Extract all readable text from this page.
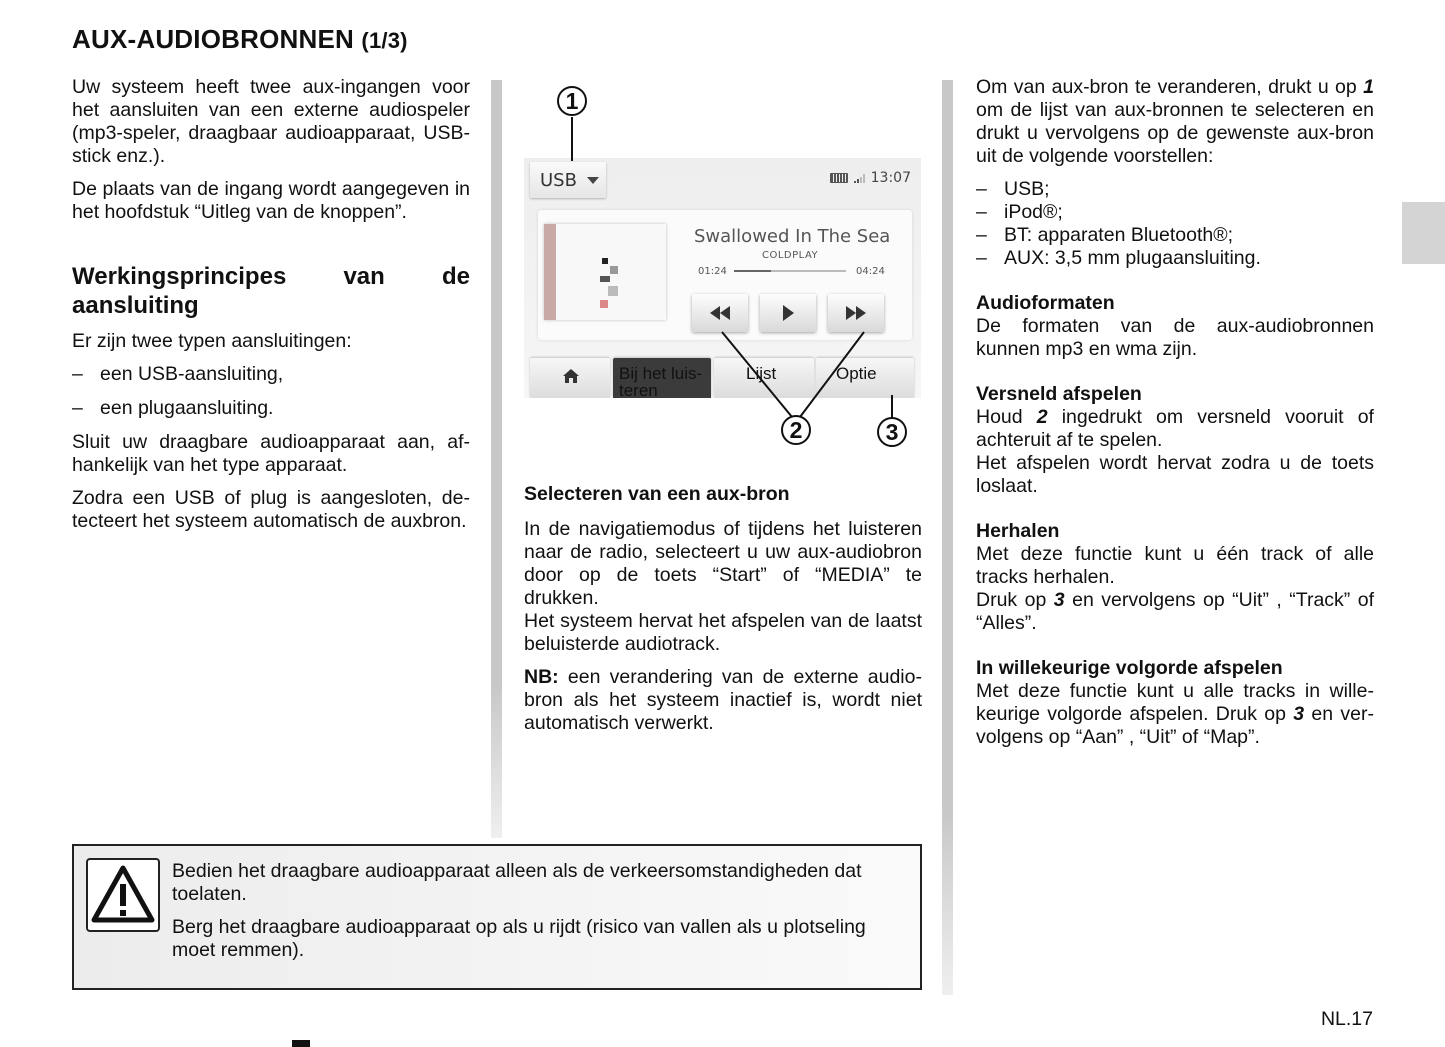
AUX-AUDIOBRONNEN (1/3)

Uw systeem heeft twee aux-ingangen voor het aansluiten van een externe audiospeler (mp3-speler, draagbaar audioapparaat, USB-stick enz.).

De plaats van de ingang wordt aangegeven in het hoofdstuk “Uitleg van de knoppen”.

Werkingsprincipes van de aansluiting

Er zijn twee typen aansluitingen:

– een USB-aansluiting,
– een plugaansluiting.

Sluit uw draagbare audioapparaat aan, afhankelijk van het type apparaat.

Zodra een USB of plug is aangesloten, detecteert het systeem automatisch de auxbron.

USB	13:07
Swallowed In The Sea
COLDPLAY
01:24	04:24
Bij het luis-teren
Lijst	Optie
1
2	3

Selecteren van een aux-bron

In de navigatiemodus of tijdens het luisteren naar de radio, selecteert u uw aux-audiobron door op de toets “Start” of “MEDIA” te drukken.

Het systeem hervat het afspelen van de laatst beluisterde audiotrack.

NB: een verandering van de externe audiobron als het systeem inactief is, wordt niet automatisch verwerkt.

Om van aux-bron te veranderen, drukt u op 1 om de lijst van aux-bronnen te selecteren en drukt u vervolgens op de gewenste aux-bron uit de volgende voorstellen:

– USB;
– iPod®;
– BT: apparaten Bluetooth®;
– AUX: 3,5 mm plugaansluiting.
Audioformaten
De formaten van de aux-audiobronnen kunnen mp3 en wma zijn.
Versneld afspelen
Houd 2 ingedrukt om versneld vooruit of achteruit af te spelen.
Het afspelen wordt hervat zodra u de toets loslaat.
Herhalen
Met deze functie kunt u één track of alle tracks herhalen.
Druk op 3 en vervolgens op “Uit” , “Track” of “Alles”.
In willekeurige volgorde afspelen
Met deze functie kunt u alle tracks in willekeurige volgorde afspelen. Druk op 3 en vervolgens op “Aan” , “Uit” of “Map”.

Bedien het draagbare audioapparaat alleen als de verkeersomstandigheden dat toelaten.

Berg het draagbare audioapparaat op als u rijdt (risico van vallen als u plotseling moet remmen).

NL.17
